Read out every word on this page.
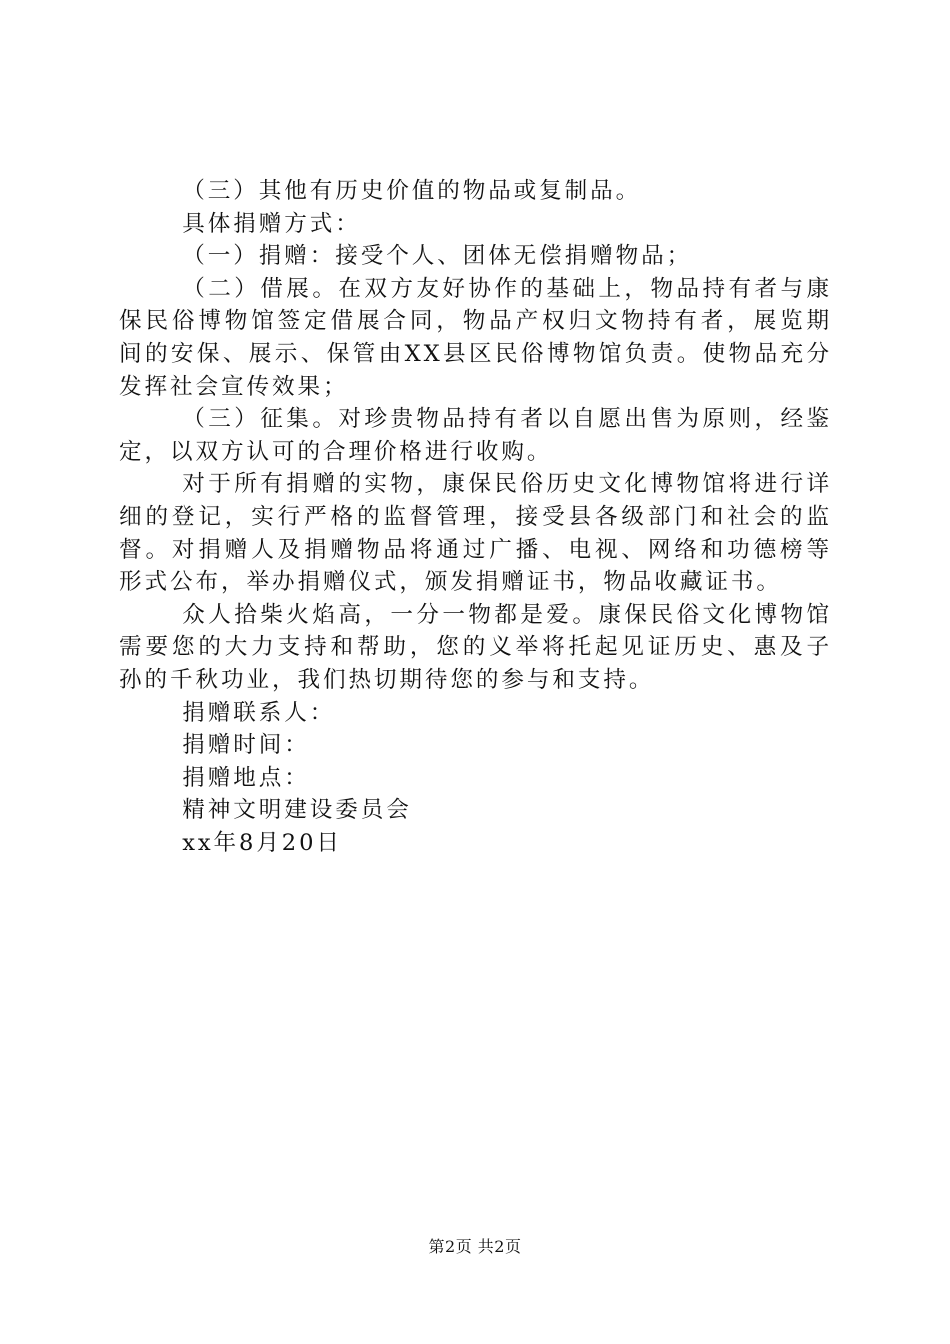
（三）其他有历史价值的物品或复制品。

具体捐赠方式：

（一）捐赠：接受个人、团体无偿捐赠物品；

（二）借展。在双方友好协作的基础上，物品持有者与康保民俗博物馆签定借展合同，物品产权归文物持有者，展览期间的安保、展示、保管由XX县区民俗博物馆负责。使物品充分发挥社会宣传效果；

（三）征集。对珍贵物品持有者以自愿出售为原则，经鉴定，以双方认可的合理价格进行收购。

对于所有捐赠的实物，康保民俗历史文化博物馆将进行详细的登记，实行严格的监督管理，接受县各级部门和社会的监督。对捐赠人及捐赠物品将通过广播、电视、网络和功德榜等形式公布，举办捐赠仪式，颁发捐赠证书，物品收藏证书。

众人拾柴火焰高，一分一物都是爱。康保民俗文化博物馆需要您的大力支持和帮助，您的义举将托起见证历史、惠及子孙的千秋功业，我们热切期待您的参与和支持。

捐赠联系人：

捐赠时间：

捐赠地点：

精神文明建设委员会

xx年8月20日

第2页 共2页
